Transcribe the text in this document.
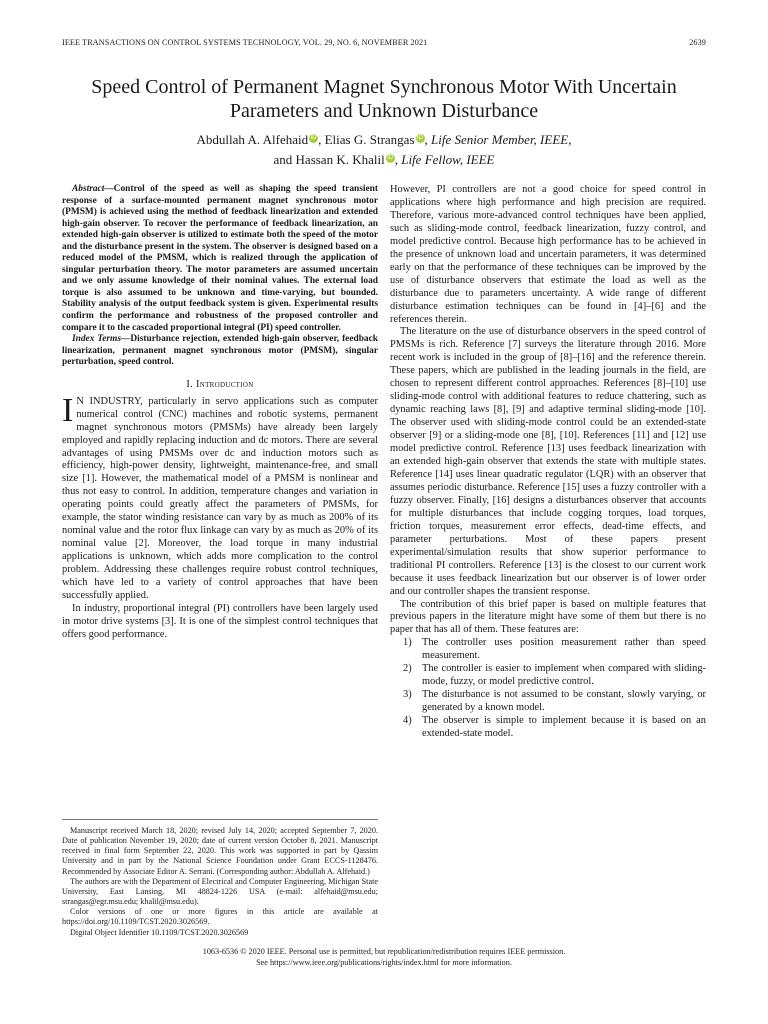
IEEE TRANSACTIONS ON CONTROL SYSTEMS TECHNOLOGY, VOL. 29, NO. 6, NOVEMBER 2021	2639
Speed Control of Permanent Magnet Synchronous Motor With Uncertain
Parameters and Unknown Disturbance
Abdullah A. Alfehaid iD , Elias G. Strangas iD , Life Senior Member, IEEE,
and Hassan K. Khalil iD , Life Fellow, IEEE

Abstract—Control of the speed as well as shaping the speed transient response of a surface-mounted permanent magnet synchronous motor (PMSM) is achieved using the method of feedback linearization and extended high-gain observer. To recover the performance of feedback linearization, an extended high-gain observer is utilized to estimate both the speed of the motor and the disturbance present in the system. The observer is designed based on a reduced model of the PMSM, which is realized through the application of singular perturbation theory. The motor parameters are assumed uncertain and we only assume knowledge of their nominal values. The external load torque is also assumed to be unknown and time-varying, but bounded. Stability analysis of the output feedback system is given. Experimental results confirm the performance and robustness of the proposed controller and compare it to the cascaded proportional integral (PI) speed controller.

Index Terms—Disturbance rejection, extended high-gain observer, feedback linearization, permanent magnet synchronous motor (PMSM), singular perturbation, speed control.

I. Introduction

I N INDUSTRY, particularly in servo applications such as computer numerical control (CNC) machines and robotic systems, permanent magnet synchronous motors (PMSMs) have already been largely employed and rapidly replacing induction and dc motors. There are several advantages of using PMSMs over dc and induction motors such as efficiency, high-power density, lightweight, maintenance-free, and small size [1]. However, the mathematical model of a PMSM is nonlinear and thus not easy to control. In addition, temperature changes and variation in operating points could greatly affect the parameters of PMSMs, for example, the stator winding resistance can vary by as much as 200% of its nominal value and the rotor flux linkage can vary by as much as 20% of its nominal value [2]. Moreover, the load torque in many industrial applications is unknown, which adds more complication to the control problem. Addressing these challenges require robust control techniques, which have led to a variety of control approaches that have been successfully applied.

In industry, proportional integral (PI) controllers have been largely used in motor drive systems [3]. It is one of the simplest control techniques that offers good performance.

Manuscript received March 18, 2020; revised July 14, 2020; accepted September 7, 2020. Date of publication November 19, 2020; date of current version October 8, 2021. Manuscript received in final form September 22, 2020. This work was supported in part by Qassim University and in part by the National Science Foundation under Grant ECCS-1128476. Recommended by Associate Editor A. Serrani. (Corresponding author: Abdullah A. Alfehaid.)

The authors are with the Department of Electrical and Computer Engineering, Michigan State University, East Lansing, MI 48824-1226 USA (e-mail: alfehaid@msu.edu; strangas@egr.msu.edu; khalil@msu.edu).

Color versions of one or more figures in this article are available at https://doi.org/10.1109/TCST.2020.3026569.

Digital Object Identifier 10.1109/TCST.2020.3026569

However, PI controllers are not a good choice for speed control in applications where high performance and high precision are required. Therefore, various more-advanced control techniques have been applied, such as sliding-mode control, feedback linearization, fuzzy control, and model predictive control. Because high performance has to be achieved in the presence of unknown load and uncertain parameters, it was determined early on that the performance of these techniques can be improved by the use of disturbance observers that estimate the load as well as the disturbance due to parameters uncertainty. A wide range of different disturbance estimation techniques can be found in [4]–[6] and the references therein.

The literature on the use of disturbance observers in the speed control of PMSMs is rich. Reference [7] surveys the literature through 2016. More recent work is included in the group of [8]–[16] and the reference therein. These papers, which are published in the leading journals in the field, are chosen to represent different control approaches. References [8]–[10] use sliding-mode control with additional features to reduce chattering, such as dynamic reaching laws [8], [9] and adaptive terminal sliding-mode [10]. The observer used with sliding-mode control could be an extended-state observer [9] or a sliding-mode one [8], [10]. References [11] and [12] use model predictive control. Reference [13] uses feedback linearization with an extended high-gain observer that extends the state with multiple states. Reference [14] uses linear quadratic regulator (LQR) with an observer that assumes periodic disturbance. Reference [15] uses a fuzzy controller with a fuzzy observer. Finally, [16] designs a disturbances observer that accounts for multiple disturbances that include cogging torques, load torques, friction torques, measurement error effects, dead-time effects, and parameter perturbations. Most of these papers present experimental/simulation results that show superior performance to traditional PI controllers. Reference [13] is the closest to our current work because it uses feedback linearization but our observer is of lower order and our controller shapes the transient response.

The contribution of this brief paper is based on multiple features that previous papers in the literature might have some of them but there is no paper that has all of them. These features are:

1) The controller uses position measurement rather than speed measurement.
2) The controller is easier to implement when compared with sliding-mode, fuzzy, or model predictive control.
3) The disturbance is not assumed to be constant, slowly varying, or generated by a known model.
4) The observer is simple to implement because it is based on an extended-state model.
1063-6536 © 2020 IEEE. Personal use is permitted, but republication/redistribution requires IEEE permission.
See https://www.ieee.org/publications/rights/index.html for more information.
